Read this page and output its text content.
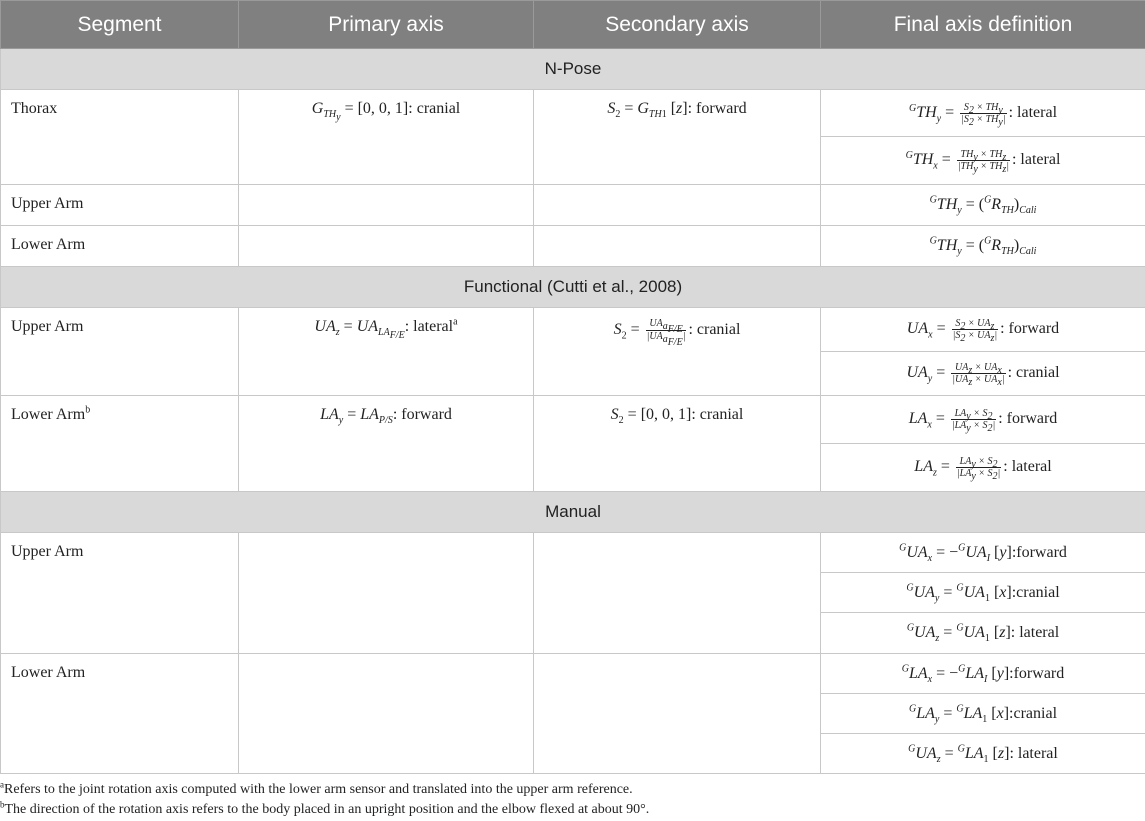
Segment	Primary axis	Secondary axis	Final axis definition
N-Pose			
Thorax	$G_{TH_y} = [0$, 0, 1]: cranial	$S_2 = G_{TH1}$ [z]: forward	$^GTH_y = \frac{S_2 \times TH_y}{|S_2 \times TH_y|}$ : lateral
			$^GTH_x = \frac{TH_y \times TH_z}{|TH_y \times TH_z|}$ : lateral
Upper Arm			$^GTH_y = (^GR_{TH})_{Cali}$
Lower Arm			$^GTH_y = (^GR_{TH})_{Cali}$
Functional (Cutti et al., 2008)			
Upper Arm	$UA_z = UA_{LA_{F/E}}$: lateral$^a$	$S_2 = \frac{UA_{a_{F/E}}}{|UA_{a_{F/E}}|}$ : cranial	$UA_x = \frac{S_2 \times UA_z}{|S_2 \times UA_z|}$ : forward
			$UA_y = \frac{UA_z \times UA_x}{|UA_z \times UA_x|}$ : cranial
Lower Arm$^b$	$LA_y = LA_{P/S}$: forward	$S_2 = [0$, 0, 1]: cranial	$LA_x = \frac{LA_y \times S_2}{|LA_y \times S_2|}$ : forward
			$LA_z = \frac{LA_y \times S_2}{|LA_y \times S_2|}$ : lateral
Manual			
Upper Arm			$^GUA_x = -^GUA_I$ [y]:forward
			$^GUA_y = ^GUA_1$ [x]:cranial
			$^GUA_z = ^GUA_1$ [z]: lateral
Lower Arm			$^GLA_x = -^GLA_I$ [y]:forward
			$^GLA_y = ^GLA_1$ [x]:cranial
			$^GUA_z = ^GLA_1$ [z]: lateral
$^a$Refers to the joint rotation axis computed with the lower arm sensor and translated into the upper arm reference.
$^b$The direction of the rotation axis refers to the body placed in an upright position and the elbow flexed at about 90°.
